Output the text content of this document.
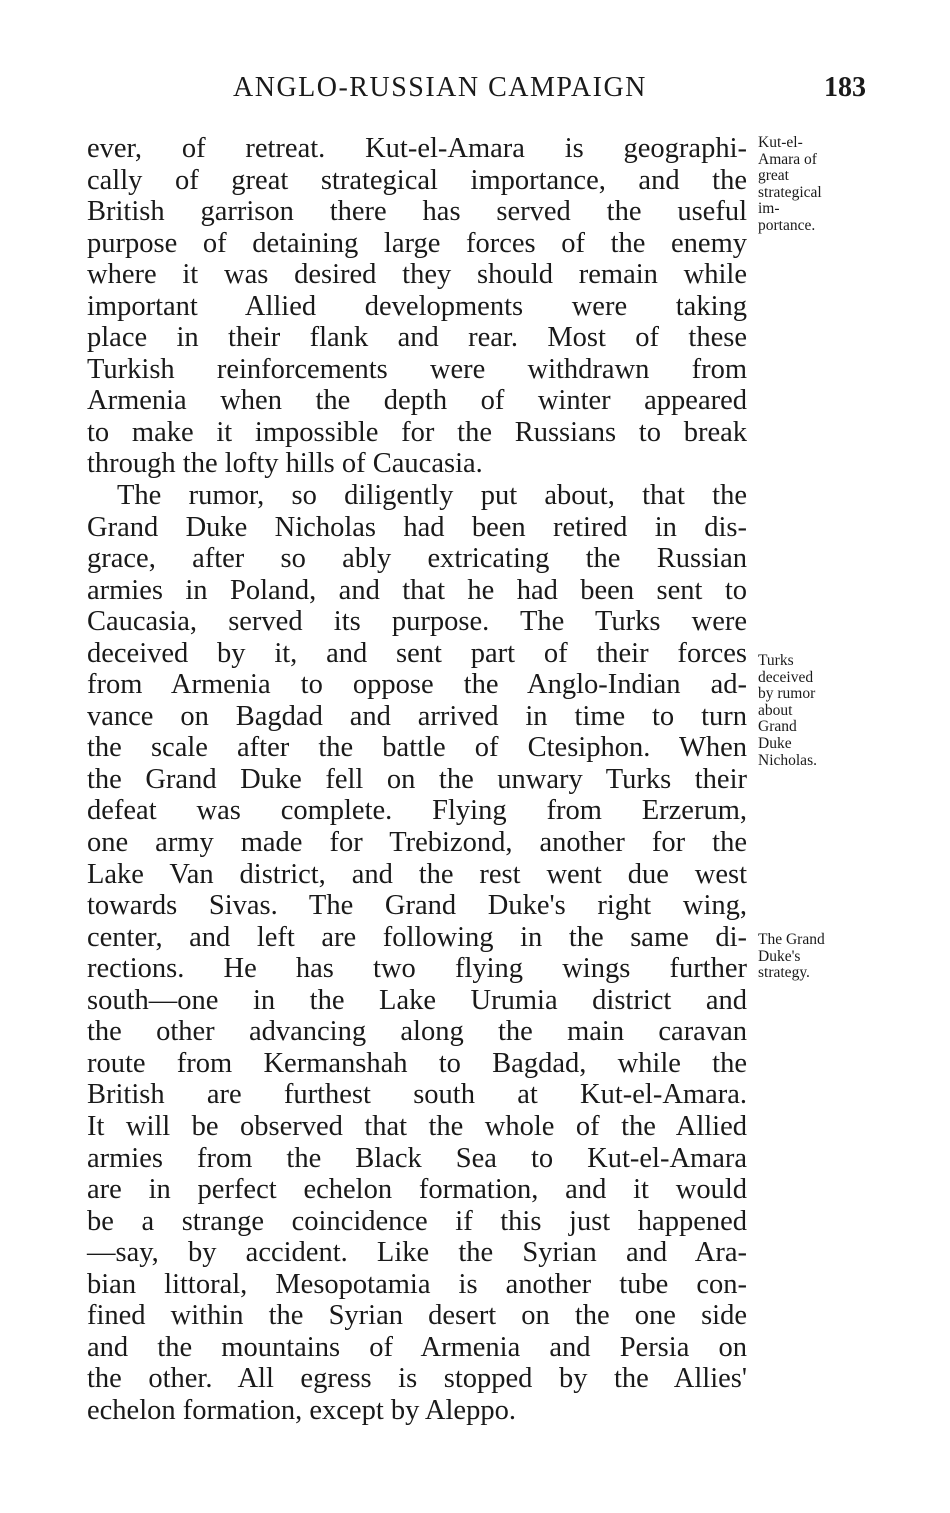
ANGLO-RUSSIAN CAMPAIGN	183
ever, of retreat. Kut-el-Amara is geographi-
cally of great strategical importance, and the
British garrison there has served the useful
purpose of detaining large forces of the enemy
where it was desired they should remain while
important Allied developments were taking
place in their flank and rear. Most of these
Turkish reinforcements were withdrawn from
Armenia when the depth of winter appeared
to make it impossible for the Russians to break
through the lofty hills of Caucasia.
The rumor, so diligently put about, that the
Grand Duke Nicholas had been retired in dis-
grace, after so ably extricating the Russian
armies in Poland, and that he had been sent to
Caucasia, served its purpose. The Turks were
deceived by it, and sent part of their forces
from Armenia to oppose the Anglo-Indian ad-
vance on Bagdad and arrived in time to turn
the scale after the battle of Ctesiphon. When
the Grand Duke fell on the unwary Turks their
defeat was complete. Flying from Erzerum,
one army made for Trebizond, another for the
Lake Van district, and the rest went due west
towards Sivas. The Grand Duke's right wing,
center, and left are following in the same di-
rections. He has two flying wings further
south—one in the Lake Urumia district and
the other advancing along the main caravan
route from Kermanshah to Bagdad, while the
British are furthest south at Kut-el-Amara.
It will be observed that the whole of the Allied
armies from the Black Sea to Kut-el-Amara
are in perfect echelon formation, and it would
be a strange coincidence if this just happened
—say, by accident. Like the Syrian and Ara-
bian littoral, Mesopotamia is another tube con-
fined within the Syrian desert on the one side
and the mountains of Armenia and Persia on
the other. All egress is stopped by the Allies'
echelon formation, except by Aleppo.
Kut-el-
Amara of
great
strategical
im-
portance.
Turks
deceived
by rumor
about
Grand
Duke
Nicholas.
The Grand
Duke's
strategy.
